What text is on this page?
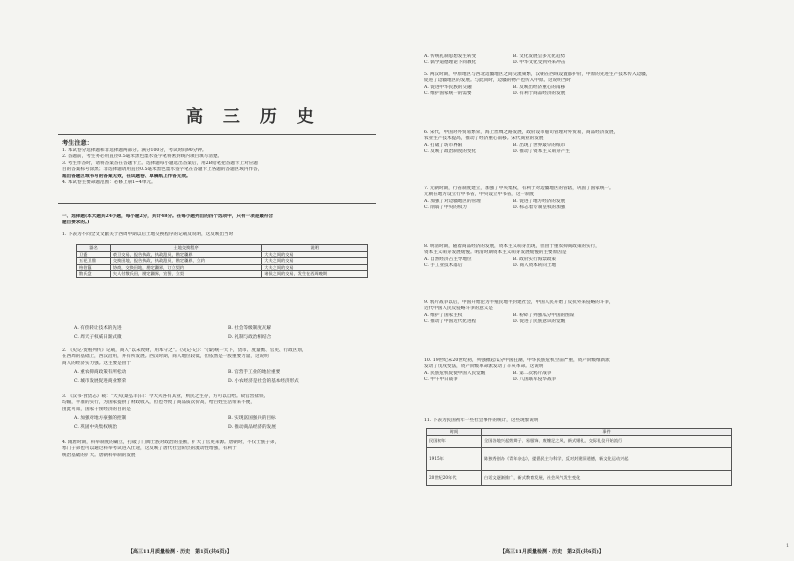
高 三 历 史
考生注意：
1. 本试卷分选择题和非选择题两部分。满分100分，考试时间90分钟。
2. 答题前，考生务必用直径0.5毫米黑色墨水签字笔将密封线内项目填写清楚。
3. 考生作答时，请将答案答在答题卡上。选择题每小题选出答案后，用2B铅笔把答题卡上对应题
目的答案标号涂黑；非选择题请用直径0.5毫米黑色墨水签字笔在答题卡上各题的答题区域内作答，
超出答题区域书写的答案无效，在试题卷、草稿纸上作答无效。
4. 本试卷主要命题范围：必修上册1~4单元。
一、选择题(本大题共24小题，每小题2分，共计48分。在每小题列出的四个选项中，只有一项是最符合
题目要求的。)
1. 下表为不同全文文献关于西周中期以后土地交换程序的记载及说明，这反映出当时
器名	土地交换程序	说明
卫盉	裘卫交易，报告执政，执政派员，勘定疆界	大夫之间的交易
五祀卫鼎	交换田地，报告执政，执政派员，勘定疆界，立约	大夫之间的交易
格伯簋	协商，交换田地，勘定疆界，订立契约	大夫之间的交易
散氏盘	矢人付散氏田，勘定疆界，宣誓，立契	诸侯之间的交易，发生在西周晚期
A. 有偿转让技术的先进	B. 社会等级制度瓦解
C. 周天子权威日渐式微	D. 礼制与政治相结合
2. 《史记·货殖列传》记载，商人“以末致财，用本守之”。《史记·记》：“(秦)统一天下，货币、度量衡、官吏、行政区划，
在西周的基础上，西汉沿用，并有所发展。西汉时期，商人地位较低，但依然是一股重要力量，这说明
商人的经济实力强。这主要是由于
A. 重农抑商政策有所松动	B. 官营手工业的地位重要
C. 城市发展促进商业繁荣	D. 小农经济是社会的基本经济形式
3. 《汉书·食货志》载：“大夫(桑弘羊)曰：今大夫各有其业，则民之生存，方可以自给。故官营盐铁、
均输，平准的实行，为国家提供了财政收入，但也导致了商品质次价高，给百姓生活带来不便，
由此可知，国家干预经济的目的是
A. 加强对地方豪强的控制	B. 实现富国强兵的目标
C. 巩固中央集权统治	D. 推动商品经济的发展
4. 隋唐时期，科举制度的确立，打破了门阀士族对政治的垄断，扩大了官吏来源。唐朝时，不仅士族子弟，
寒门子弟也可以通过科举考试进入仕途，这反映了唐代社会阶层的流动性增强，有利于
统治基础的扩大。唐朝科举制的发展
【高三11月质量检测 · 历史　第1页(共6页)】
A. 传统礼制思想发生转变　　　　　　　　B. 文化发展呈多元化趋势
C. 儒学道德理论下同教化　　　　　　　　D. 中华文化受到外来冲击
5. 两汉时期，中原地区与西北边疆地区之间交流频繁，汉朝在西域设置都护府，中原的先进生产技术传入边疆，
促进了边疆地区的发展。与此同时，边疆的物产也传入中原。这说明当时
A. 促进中华民族的交融　　　　　　　　　B. 反映出经济重心的南移
C. 维护国家统一的需要　　　　　　　　　D. 有利于商品经济的发展
6. 宋代，中国对外贸易繁荣，海上丝绸之路发展，政府设市舶司管理对外贸易，商品经济发展，
农业生产技术提高，推动了经济重心南移。宋代商业的发展
A. 打破了坊市界限　　　　　　　　　　　B. 出现了世界最早的纸币
C. 反映了政治制度的变化　　　　　　　　D. 推动了资本主义萌芽产生
7. 元朝时期，行省制度建立，加强了中央集权，有利于对边疆地区的管辖，巩固了国家统一。
元朝在地方设立行中书省，中央设立中书省，这一制度
A. 加强了对边疆地区的管理　　　　　　　B. 促进了地方经济的发展
C. 削弱了中央的权力　　　　　　　　　　D. 标志着专制皇权的加强
8. 明清时期，随着商品经济的发展，资本主义萌芽出现，但由于重农抑商政策的实行，
资本主义萌芽发展缓慢。明清时期资本主义萌芽发展缓慢的主要原因是
A. 自然经济占主导地位　　　　　　　　　B. 政府实行海禁政策
C. 手工业技术落后　　　　　　　　　　　D. 商人资本转向土地
9. 鸦片战争以后，中国开始沦为半殖民地半封建社会，中国人民开始了反抗外来侵略的斗争，
近代中国人民反侵略斗争的意义是
A. 维护了国家主权　　　　　　　　　　　B. 粉碎了列强瓜分中国的图谋
C. 推动了中国近代化进程　　　　　　　　D. 促进了民族意识的觉醒
10. 19世纪末20世纪初，列强掀起瓜分中国狂潮，中华民族危机空前严重，资产阶级维新派
发动了戊戌变法，资产阶级革命派发动了辛亥革命。这说明
A. 民族危机促使中国人民觉醒　　　　　　B. 第二次鸦片战争
C. 甲午中日战争　　　　　　　　　　　　D. 八国联军侵华战争
11. 下表为民国初年一些社会事件的统计，这些现象说明
时间	事件
民国初年	全国各地兴起剪辫子、易服饰、废缠足之风，新式婚礼、交际礼仪开始流行
1915年	陈独秀创办《青年杂志》，提倡民主与科学，反对封建旧道德，新文化运动兴起
20世纪20年代	白话文逐渐推广，新式教育发展，社会风气发生变化
【高三11月质量检测 · 历史　第2页(共6页)】
1
